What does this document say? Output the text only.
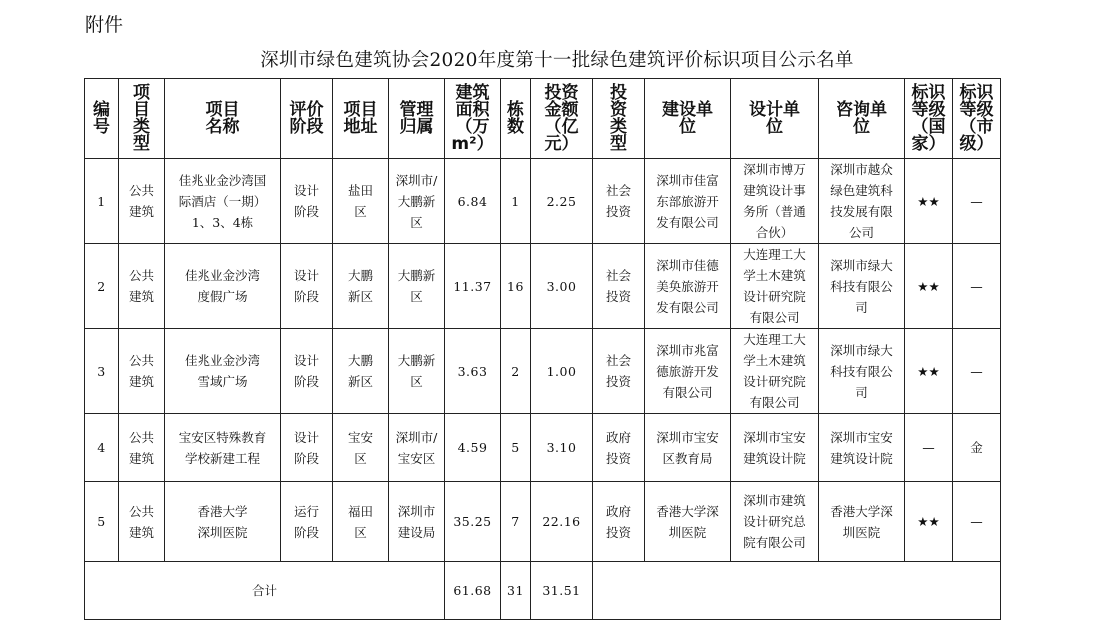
附件
深圳市绿色建筑协会2020年度第十一批绿色建筑评价标识项目公示名单
编
号	项
目
类
型	项目
名称	评价
阶段	项目
地址	管理
归属	建筑
面积
（万
m²）	栋
数	投资
金额
（亿
元）	投
资
类
型	建设单
位	设计单
位	咨询单
位	标识
等级
（国
家）	标识
等级
（市
级）

1	公共
建筑	佳兆业金沙湾国
际酒店（一期）
1、3、4栋	设计
阶段	盐田
区	深圳市/
大鹏新
区	6.84	1	2.25	社会
投资	深圳市佳富
东部旅游开
发有限公司	深圳市博万
建筑设计事
务所（普通
合伙）	深圳市越众
绿色建筑科
技发展有限
公司	★★	—
2	公共
建筑	佳兆业金沙湾
度假广场	设计
阶段	大鹏
新区	大鹏新
区	11.37	16	3.00	社会
投资	深圳市佳德
美奂旅游开
发有限公司	大连理工大
学土木建筑
设计研究院
有限公司	深圳市绿大
科技有限公
司	★★	—
3	公共
建筑	佳兆业金沙湾
雪域广场	设计
阶段	大鹏
新区	大鹏新
区	3.63	2	1.00	社会
投资	深圳市兆富
德旅游开发
有限公司	大连理工大
学土木建筑
设计研究院
有限公司	深圳市绿大
科技有限公
司	★★	—
4	公共
建筑	宝安区特殊教育
学校新建工程	设计
阶段	宝安
区	深圳市/
宝安区	4.59	5	3.10	政府
投资	深圳市宝安
区教育局	深圳市宝安
建筑设计院	深圳市宝安
建筑设计院	—	金
5	公共
建筑	香港大学
深圳医院	运行
阶段	福田
区	深圳市
建设局	35.25	7	22.16	政府
投资	香港大学深
圳医院	深圳市建筑
设计研究总
院有限公司	香港大学深
圳医院	★★	—
合计						61.68	31	31.51						
